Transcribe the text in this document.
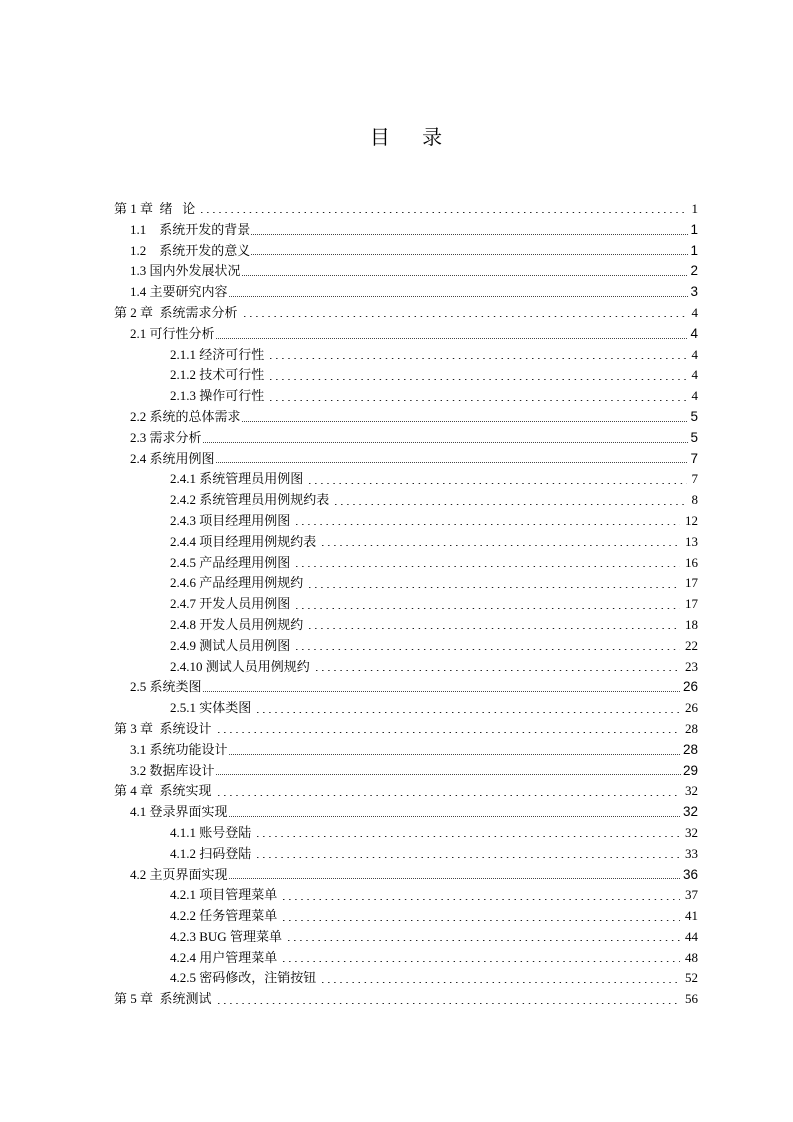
目 录
第 1 章  绪   论	1
1.1    系统开发的背景	1
1.2    系统开发的意义	1
1.3 国内外发展状况	2
1.4 主要研究内容	3
第 2 章  系统需求分析	4
2.1 可行性分析	4
2.1.1 经济可行性	4
2.1.2 技术可行性	4
2.1.3 操作可行性	4
2.2 系统的总体需求	5
2.3 需求分析	5
2.4 系统用例图	7
2.4.1 系统管理员用例图	7
2.4.2 系统管理员用例规约表	8
2.4.3 项目经理用例图	12
2.4.4 项目经理用例规约表	13
2.4.5 产品经理用例图	16
2.4.6 产品经理用例规约	17
2.4.7 开发人员用例图	17
2.4.8 开发人员用例规约	18
2.4.9 测试人员用例图	22
2.4.10 测试人员用例规约	23
2.5 系统类图	26
2.5.1 实体类图	26
第 3 章  系统设计	28
3.1 系统功能设计	28
3.2 数据库设计	29
第 4 章  系统实现	32
4.1 登录界面实现	32
4.1.1 账号登陆	32
4.1.2 扫码登陆	33
4.2 主页界面实现	36
4.2.1 项目管理菜单	37
4.2.2 任务管理菜单	41
4.2.3 BUG 管理菜单	44
4.2.4 用户管理菜单	48
4.2.5 密码修改，注销按钮	52
第 5 章  系统测试	56
